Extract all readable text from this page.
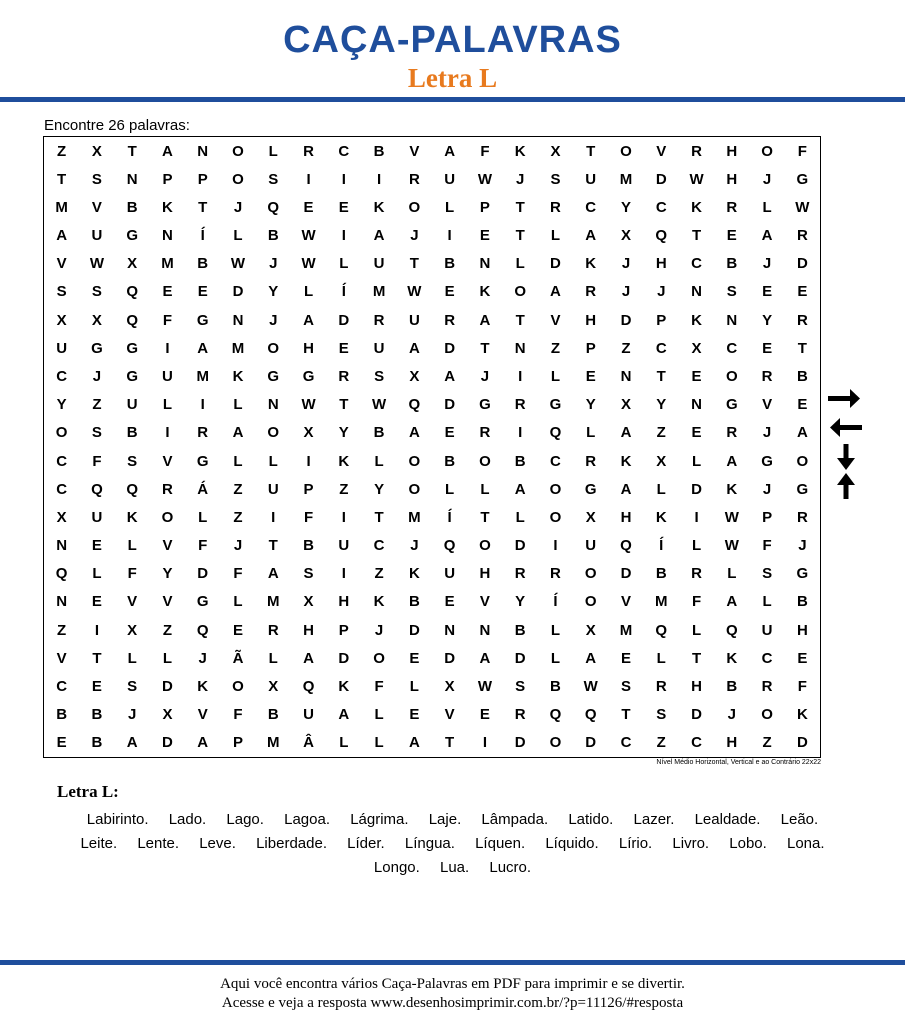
CAÇA-PALAVRAS
Letra L
Encontre 26 palavras:
Z	X	T	A	N	O	L	R	C	B	V	A	F	K	X	T	O	V	R	H	O	F
T	S	N	P	P	O	S	I	I	I	R	U	W	J	S	U	M	D	W	H	J	G
M	V	B	K	T	J	Q	E	E	K	O	L	P	T	R	C	Y	C	K	R	L	W
A	U	G	N	Í	L	B	W	I	A	J	I	E	T	L	A	X	Q	T	E	A	R
V	W	X	M	B	W	J	W	L	U	T	B	N	L	D	K	J	H	C	B	J	D
S	S	Q	E	E	D	Y	L	Í	M	W	E	K	O	A	R	J	J	N	S	E	E
X	X	Q	F	G	N	J	A	D	R	U	R	A	T	V	H	D	P	K	N	Y	R
U	G	G	I	A	M	O	H	E	U	A	D	T	N	Z	P	Z	C	X	C	E	T
C	J	G	U	M	K	G	G	R	S	X	A	J	I	L	E	N	T	E	O	R	B
Y	Z	U	L	I	L	N	W	T	W	Q	D	G	R	G	Y	X	Y	N	G	V	E
O	S	B	I	R	A	O	X	Y	B	A	E	R	I	Q	L	A	Z	E	R	J	A
C	F	S	V	G	L	L	I	K	L	O	B	O	B	C	R	K	X	L	A	G	O
C	Q	Q	R	Á	Z	U	P	Z	Y	O	L	L	A	O	G	A	L	D	K	J	G
X	U	K	O	L	Z	I	F	I	T	M	Í	T	L	O	X	H	K	I	W	P	R
N	E	L	V	F	J	T	B	U	C	J	Q	O	D	I	U	Q	Í	L	W	F	J
Q	L	F	Y	D	F	A	S	I	Z	K	U	H	R	R	O	D	B	R	L	S	G
N	E	V	V	G	L	M	X	H	K	B	E	V	Y	Í	O	V	M	F	A	L	B
Z	I	X	Z	Q	E	R	H	P	J	D	N	N	B	L	X	M	Q	L	Q	U	H
V	T	L	L	J	Ã	L	A	D	O	E	D	A	D	L	A	E	L	T	K	C	E
C	E	S	D	K	O	X	Q	K	F	L	X	W	S	B	W	S	R	H	B	R	F
B	B	J	X	V	F	B	U	A	L	E	V	E	R	Q	Q	T	S	D	J	O	K
E	B	A	D	A	P	M	Â	L	L	A	T	I	D	O	D	C	Z	C	H	Z	D
Nível Médio Horizontal, Vertical e ao Contrário 22x22
Letra L:
Labirinto. Lado. Lago. Lagoa. Lágrima. Laje. Lâmpada. Latido. Lazer. Lealdade. Leão. Leite. Lente. Leve. Liberdade. Líder. Língua. Líquen. Líquido. Lírio. Livro. Lobo. Lona. Longo. Lua. Lucro.
Aqui você encontra vários Caça-Palavras em PDF para imprimir e se divertir.
Acesse e veja a resposta www.desenhosimprimir.com.br/?p=11126/#resposta
